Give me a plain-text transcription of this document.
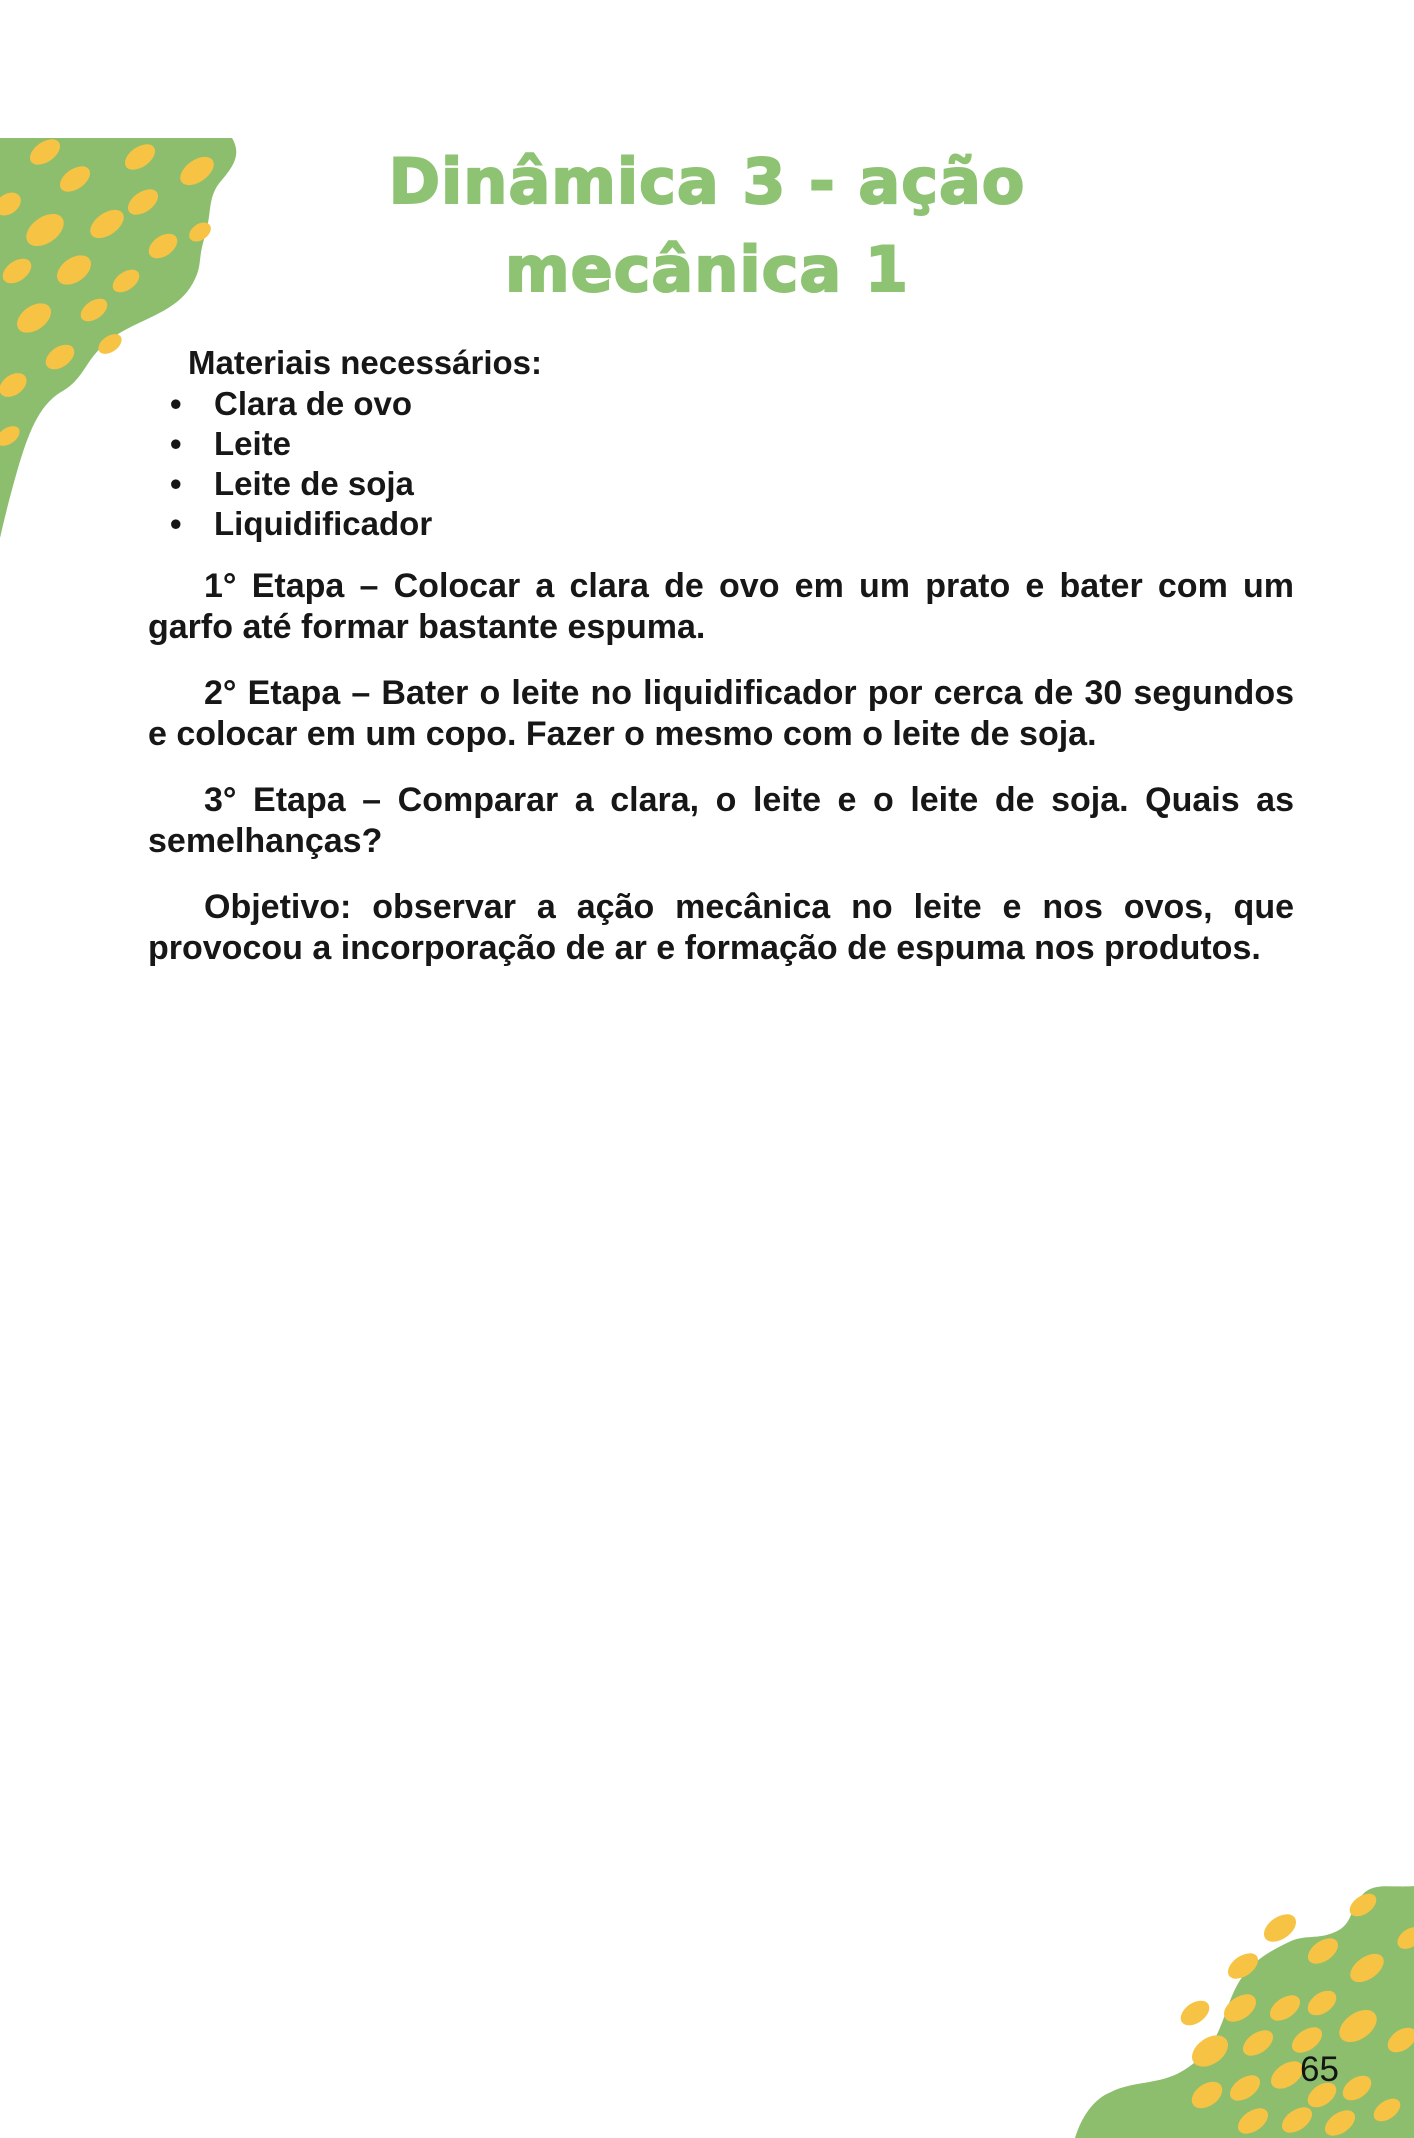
Dinâmica 3 - ação
mecânica 1
Materiais necessários:
• Clara de ovo
• Leite
• Leite de soja
• Liquidificador

1° Etapa – Colocar a clara de ovo em um prato e bater com um garfo até formar bastante espuma.

2° Etapa – Bater o leite no liquidificador por cerca de 30 segundos e colocar em um copo. Fazer o mesmo com o leite de soja.

3° Etapa – Comparar a clara, o leite e o leite de soja. Quais as semelhanças?

Objetivo: observar a ação mecânica no leite e nos ovos, que provocou a incorporação de ar e formação de espuma nos produtos.

65
